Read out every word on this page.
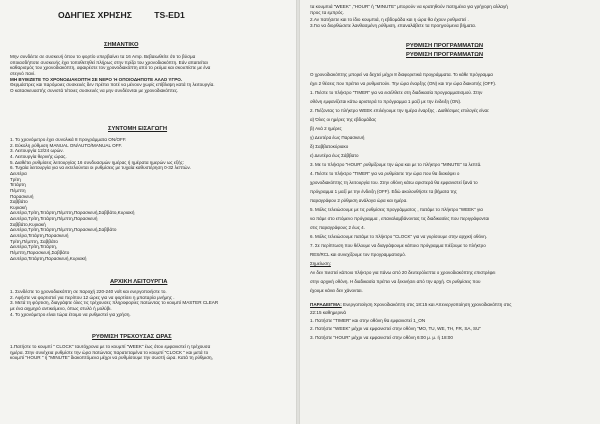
ΟΔΗΓΙΕΣ ΧΡΗΣΗΣ	TS-ED1
ΣΗΜΑΝΤΙΚΟ
Μην συνδέετε σε συσκευή όπου το φορτίο υπερβαίνει τα 16 Amp. Βεβαιωθείτε ότι το βύσμα
οποιασδήποτε συσκευής έχει τοποθετηθεί πλήρως στην πρίζα του χρονοδιακόπτη. Εάν απαιτείται
καθαρισμός του χρονοδιακόπτη, αφαιρέστε τον χρονοδιακόπτη από το ρεύμα και σκουπίστε με ένα
στεγνό πανί.
ΜΗ ΒΥΘΙΖΕΤΕ ΤΟ ΧΡΟΝΟΔΙΑΚΟΠΤΗ ΣΕ ΝΕΡΟ Ή ΟΠΟΙΟΔΗΠΟΤΕ ΑΛΛΟ ΥΓΡΟ.
Θερμάστρες και παρόμοιες συσκευές δεν πρέπει ποτέ να μένουν χωρίς επίβλεψη κατά τη λειτουργία.
Ο κατασκευαστής συνιστά τέτοιες συσκευές να μην συνδέονται με χρονοδιακόπτες.
ΣΥΝΤΟΜΗ ΕΙΣΑΓΩΓΗ
1. Το χρονόμετρο έχει συνολικά 8 προγράμματα ON/OFF.
2. Εύκολη ρύθμιση MANUAL ON/AUTO/MANUAL OFF.
3. Λειτουργία 12/24 ωρών.
4. Λειτουργία θερινής ώρας.
5. Διαθέτει ρυθμίσεις λειτουργίας 16 συνδυασμών ημέρας ή ημέρατα ημερών ως εξής:
6. Τυχαία λειτουργία για να εκτελούνται οι ρυθμίσεις με τυχαία καθυστέρηση 0-32 λεπτών.
Δευτέρα
Τρίτη
Τετάρτη
Πέμπτη
Παρασκευή
Σαββάτο
Κυριακή
Δευτέρα,Τρίτη,Τετάρτη,Πέμπτη,Παρασκευή,Σαββάτο,Κυριακή
Δευτέρα,Τρίτη,Τετάρτη,Πέμπτη,Παρασκευή
Σαββάτο,Κυριακή
Δευτέρα,Τρίτη,Τετάρτη,Πέμπτη,Παρασκευή,Σαββάτο
Δευτέρα,Τετάρτη,Παρασκευή
Τρίτη,Πέμπτη, Σαββάτο
Δευτέρα,Τρίτη,Τετάρτη,
Πέμπτη,Παρασκευή,Σαββάτο
Δευτέρα,Τετάρτη,Παρασκευή,Κυριακή
ΑΡΧΙΚΗ ΛΕΙΤΟΥΡΓΙΑ
1. Συνδέστε το χρονοδιακόπτη σε παροχή 220-240 volt και ενεργοποιήστε το.
2. Αφήστε να φορτιστεί για περίπου 12 ώρες για να φορτίσει η μπαταρία μνήμης .
3. Μετά τη φόρτιση, διαγράψτε όλες τις τρέχουσες πληροφορίες πατώντας το κουμπί MASTER CLEAR
με ένα αιχμηρό αντικείμενο, όπως στυλό ή μολύβι.
4. Το χρονόμετρο είναι τώρα έτοιμο να ρυθμιστεί για χρήση.
ΡΥΘΜΙΣΗ ΤΡΕΧΟΥΣΑΣ ΩΡΑΣ
1.Πατήστε το κουμπί " CLOCK" ταυτόχρονα με το κουμπί "WEEK" έως ότου εμφανιστεί η τρέχουσα
ημέρα. Στην συνέχεια ρυθμίστε την ώρα πατώντας παρατεταμένα το κουμπί "CLOCK " και μετά το
κουμπί "HOUR " ή "MINUTE" διακοπτόμενα μέχρι να ρυθμίσουμε την σωστή ώρα. Κατά τη ρύθμιση,
τα κουμπιά "WEEK" ,"HOUR" ή "MINUTE" μπορούν να κρατηθούν πατημένα για γρήγορη αλλαγή
προς τα εμπρός.
2.Αν πατήσετε και το ίδιο κουμπιά, η εβδομάδα και η ώρα θα έχουν ρυθμιστεί .
3.Για να διορθώσετε λανθασμένη ρύθμιση, επαναλάβετε τα προηγούμενα βήματα.
ΡΥΘΜΙΣΗ ΠΡΟΓΡΑΜΜΑΤΩΝ
ΡΥΘΜΙΣΗ ΠΡΟΓΡΑΜΜΑΤΩΝ
Ο χρονοδιακόπτης μπορεί να δεχτεί μέχρι 8 διαφορετικά προγράμματα. Το κάθε πρόγραμμα
έχει 2 θέσεις που πρέπει να ρυθμιστούν. Την ώρα έναρξης (ON) και την ώρα διακοπής (OFF).
1. Πιέστε το πλήκτρο "TIMER" για να εισέλθετε στη διαδικασία προγραμματισμού. Στην
οθόνη εμφανίζεται κάτω αριστερά το πρόγραμμα 1 μαζί με την ένδειξη (ON).
2. Πιέζοντας το πλήκτρο WEEK επιλέγουμε την ημέρα έναρξης . Διαθέσιμες επιλογές είναι:
α) Όλες οι ημέρες της εβδομάδας
β) Ανά 2 ημέρες
γ) Δευτέρα έως Παρασκευή
δ) Σαββατοκύριακο
ε) Δευτέρα έως Σάββατο
3. Με το πλήκτρο "HOUR" ρυθμίζουμε την ώρα και με το πλήκτρο "MINUTE" τα λεπτά.
4. Πιέστε το πλήκτρο "TIMER" για να ρυθμίσετε την ώρα που θα διακόψει ο
χρονοδιακόπτης τη λειτουργία του. Στην οθόνη κάτω αριστερά θα εμφανιστεί ξανά το
πρόγραμμα 1 μαζί με την ένδειξη (OFF). Εδώ ακολουθήστε τα βήματα της
παραγράφου 2 ρύθμιση ανάλογα ώρα και ημέρα.
5. Μόλις τελειώσουμε με τις ρυθμίσεις προγράμματος , πατάμε το πλήκτρο "WEEK" για
να πάμε στο επόμενο πρόγραμμα , επαναλαμβάνοντας τις διαδικασίες που περιγράφονται
στις παραγράφους 2 έως 4.
6. Μόλις τελειώσουμε πατάμε το πλήκτρο "CLOCK" για να γυρίσουμε στην αρχική οθόνη.
7. Σε περίπτωση που θέλουμε να διαγράψουμε κάποιο πρόγραμμα πιέζουμε το πλήκτρο
RES/RCL και συνεχίζουμε τον προγραμματισμό.
Σημείωση:
Αν δεν πιεστεί κάποιο πλήκτρο για πάνω από 20 δευτερόλεπτα ο χρονοδιακόπτης επιστρέφει
στην αρχική οθόνη. Η διαδικασία πρέπει να ξεκινήσει από την αρχή. Οι ρυθμίσεις που
έχουμε κάνει δεν χάνονται.
ΠΑΡΑΔΕΙΓΜΑ: Ενεργοποίηση Χρονοδιακόπτη στις 18:15 και Απενεργοποίηση χρονοδιακόπτη στις
22:15 καθημερινά
1. Πατήστε "TIMER" και στην οθόνη θα εμφανιστεί 1_ON
2. Πατήστε "WEEK" μέχρι να εμφανιστεί στην οθόνη "MO, TU, WE, TH, FR, SA, SU"
3. Πατήστε "HOUR" μέχρι να εμφανιστεί στην οθόνη 6:00 μ. μ. ή 18:00
